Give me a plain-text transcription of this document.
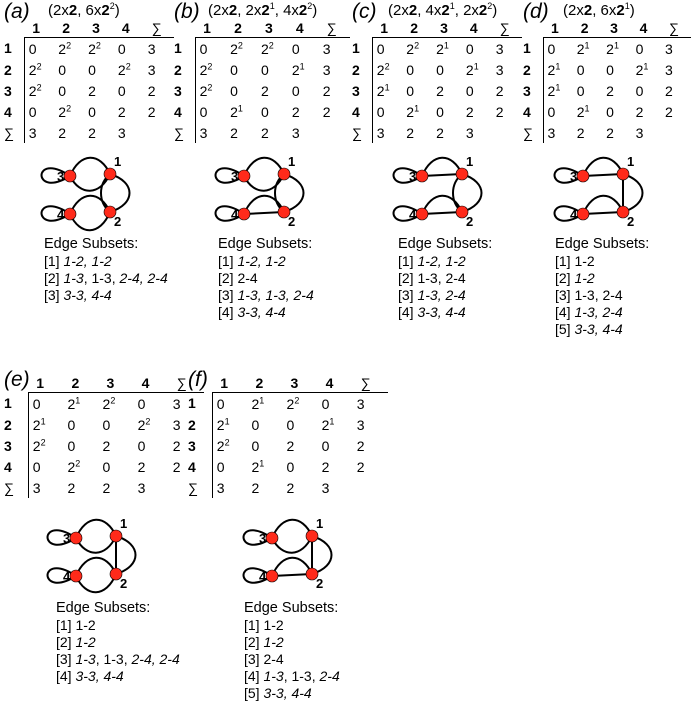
(a) (2x2, $6x2^2$)
	1	2	3	4	∑
1	0	$2^2$	$2^2$	0	3
2	$2^2$	0	0	$2^2$	3
3	$2^2$	0	2	0	2
4	0	$2^2$	0	2	2
∑	3	2	2	3	
3
1
4	2
Edge Subsets:
[1] 1-2, 1-2
[2] 1-3, 1-3, 2-4, 2-4
[3] 3-3, 4-4
(b) (2x2, $2x2^1$, $4x2^2$)
	1	2	3	4	∑
1	0	$2^2$	$2^2$	0	3
2	$2^2$	0	0	$2^1$	3
3	$2^2$	0	2	0	2
4	0	$2^1$	0	2	2
∑	3	2	2	3	
3
1
4	2
Edge Subsets:
[1] 1-2, 1-2
[2] 2-4
[3] 1-3, 1-3, 2-4
[4] 3-3, 4-4
(c) (2x2, $4x2^1$, $2x2^2$)
	1	2	3	4	∑
1	0	$2^2$	$2^1$	0	3
2	$2^2$	0	0	$2^1$	3
3	$2^1$	0	2	0	2
4	0	$2^1$	0	2	2
∑	3	2	2	3	
3
1
4	2
Edge Subsets:
[1] 1-2, 1-2
[2] 1-3, 2-4
[3] 1-3, 2-4
[4] 3-3, 4-4
(d) (2x2, $6x2^1$)
	1	2	3	4	∑
1	0	$2^1$	$2^1$	0	3
2	$2^1$	0	0	$2^1$	3
3	$2^1$	0	2	0	2
4	0	$2^1$	0	2	2
∑	3	2	2	3	
3
1
4	2
Edge Subsets:
[1] 1-2
[2] 1-2
[3] 1-3, 2-4
[4] 1-3, 2-4
[5] 3-3, 4-4
(e)
	1	2	3	4	∑
1	0	$2^1$	$2^2$	0	3
2	$2^1$	0	0	$2^2$	3
3	$2^2$	0	2	0	2
4	0	$2^2$	0	2	2
∑	3	2	2	3	
3
1
4	2
Edge Subsets:
[1] 1-2
[2] 1-2
[3] 1-3, 1-3, 2-4, 2-4
[4] 3-3, 4-4
(f)
	1	2	3	4	∑
1	0	$2^1$	$2^2$	0	3
2	$2^1$	0	0	$2^1$	3
3	$2^2$	0	2	0	2
4	0	$2^1$	0	2	2
∑	3	2	2	3	
3
1
4	2
Edge Subsets:
[1] 1-2
[2] 1-2
[3] 2-4
[4] 1-3, 1-3, 2-4
[5] 3-3, 4-4
